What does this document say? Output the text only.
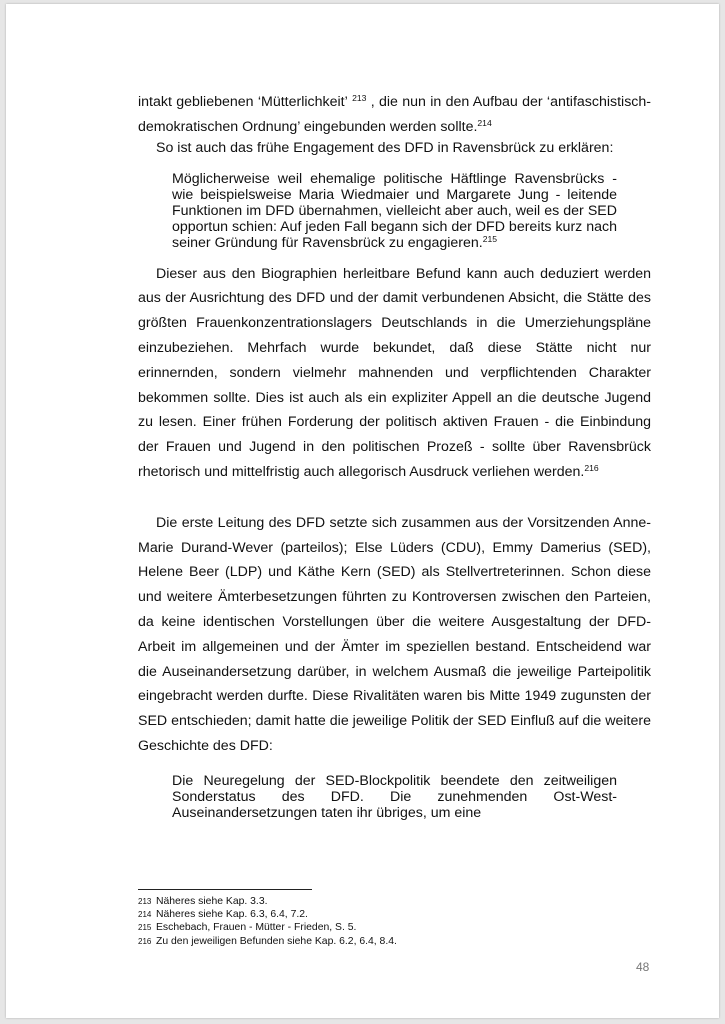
intakt gebliebenen ‘Mütterlichkeit’ $^{213}$ , die nun in den Aufbau der ‘antifaschistisch-demokratischen Ordnung’ eingebunden werden sollte.$^{214}$

So ist auch das frühe Engagement des DFD in Ravensbrück zu erklären:

Möglicherweise weil ehemalige politische Häftlinge Ravensbrücks - wie beispielsweise Maria Wiedmaier und Margarete Jung - leitende Funktionen im DFD übernahmen, vielleicht aber auch, weil es der SED opportun schien: Auf jeden Fall begann sich der DFD bereits kurz nach seiner Gründung für Ravensbrück zu engagieren.$^{215}$

Dieser aus den Biographien herleitbare Befund kann auch deduziert werden aus der Ausrichtung des DFD und der damit verbundenen Absicht, die Stätte des größten Frauenkonzentrationslagers Deutschlands in die Umerziehungspläne einzubeziehen. Mehrfach wurde bekundet, daß diese Stätte nicht nur erinnernden, sondern vielmehr mahnenden und verpflichtenden Charakter bekommen sollte. Dies ist auch als ein expliziter Appell an die deutsche Jugend zu lesen. Einer frühen Forderung der politisch aktiven Frauen - die Einbindung der Frauen und Jugend in den politischen Prozeß - sollte über Ravensbrück rhetorisch und mittelfristig auch allegorisch Ausdruck verliehen werden.$^{216}$

Die erste Leitung des DFD setzte sich zusammen aus der Vorsitzenden Anne-Marie Durand-Wever (parteilos); Else Lüders (CDU), Emmy Damerius (SED), Helene Beer (LDP) und Käthe Kern (SED) als Stellvertreterinnen. Schon diese und weitere Ämterbesetzungen führten zu Kontroversen zwischen den Parteien, da keine identischen Vorstellungen über die weitere Ausgestaltung der DFD-Arbeit im allgemeinen und der Ämter im speziellen bestand. Entscheidend war die Auseinandersetzung darüber, in welchem Ausmaß die jeweilige Parteipolitik eingebracht werden durfte. Diese Rivalitäten waren bis Mitte 1949 zugunsten der SED entschieden; damit hatte die jeweilige Politik der SED Einfluß auf die weitere Geschichte des DFD:

Die Neuregelung der SED-Blockpolitik beendete den zeitweiligen Sonderstatus des DFD. Die zunehmenden Ost-West-Auseinandersetzungen taten ihr übriges, um eine

213 Näheres siehe Kap. 3.3.
214 Näheres siehe Kap. 6.3, 6.4, 7.2.
215 Eschebach, Frauen - Mütter - Frieden, S. 5.
216 Zu den jeweiligen Befunden siehe Kap. 6.2, 6.4, 8.4.
48
